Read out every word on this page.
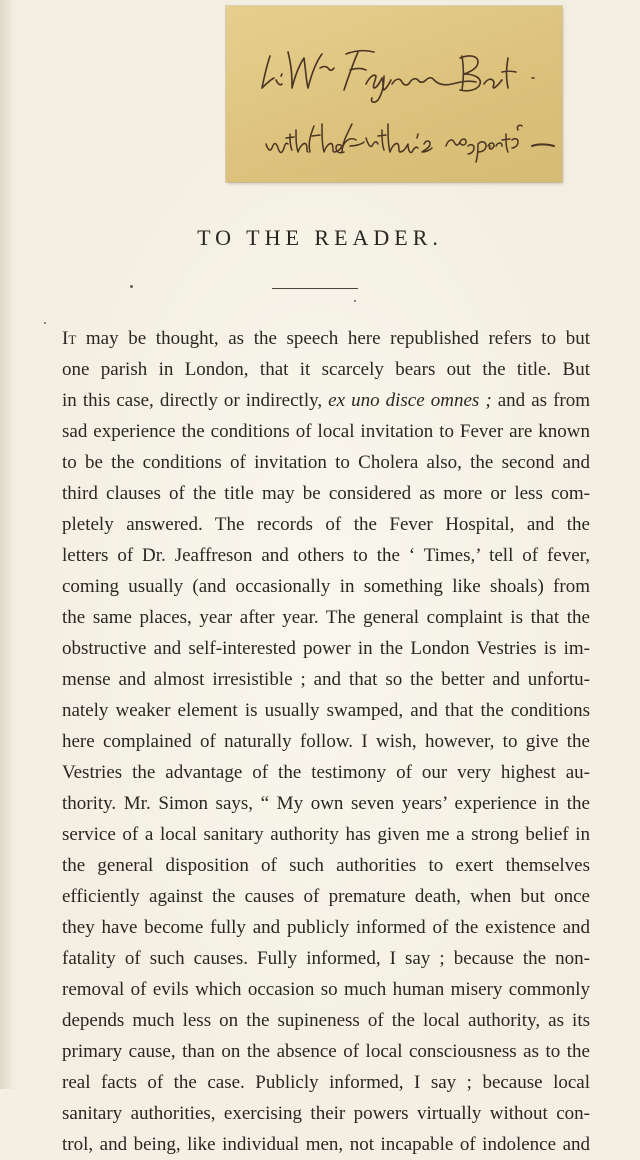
TO THE READER.
It may be thought, as the speech here republished refers to but
one parish in London, that it scarcely bears out the title. But
in this case, directly or indirectly, ex uno disce omnes ; and as from
sad experience the conditions of local invitation to Fever are known
to be the conditions of invitation to Cholera also, the second and
third clauses of the title may be considered as more or less com-
pletely answered. The records of the Fever Hospital, and the
letters of Dr. Jeaffreson and others to the ‘ Times,’ tell of fever,
coming usually (and occasionally in something like shoals) from
the same places, year after year. The general complaint is that the
obstructive and self-interested power in the London Vestries is im-
mense and almost irresistible ; and that so the better and unfortu-
nately weaker element is usually swamped, and that the conditions
here complained of naturally follow. I wish, however, to give the
Vestries the advantage of the testimony of our very highest au-
thority. Mr. Simon says, “ My own seven years’ experience in the
service of a local sanitary authority has given me a strong belief in
the general disposition of such authorities to exert themselves
efficiently against the causes of premature death, when but once
they have become fully and publicly informed of the existence and
fatality of such causes. Fully informed, I say ; because the non-
removal of evils which occasion so much human misery commonly
depends much less on the supineness of the local authority, as its
primary cause, than on the absence of local consciousness as to the
real facts of the case. Publicly informed, I say ; because local
sanitary authorities, exercising their powers virtually without con-
trol, and being, like individual men, not incapable of indolence and
